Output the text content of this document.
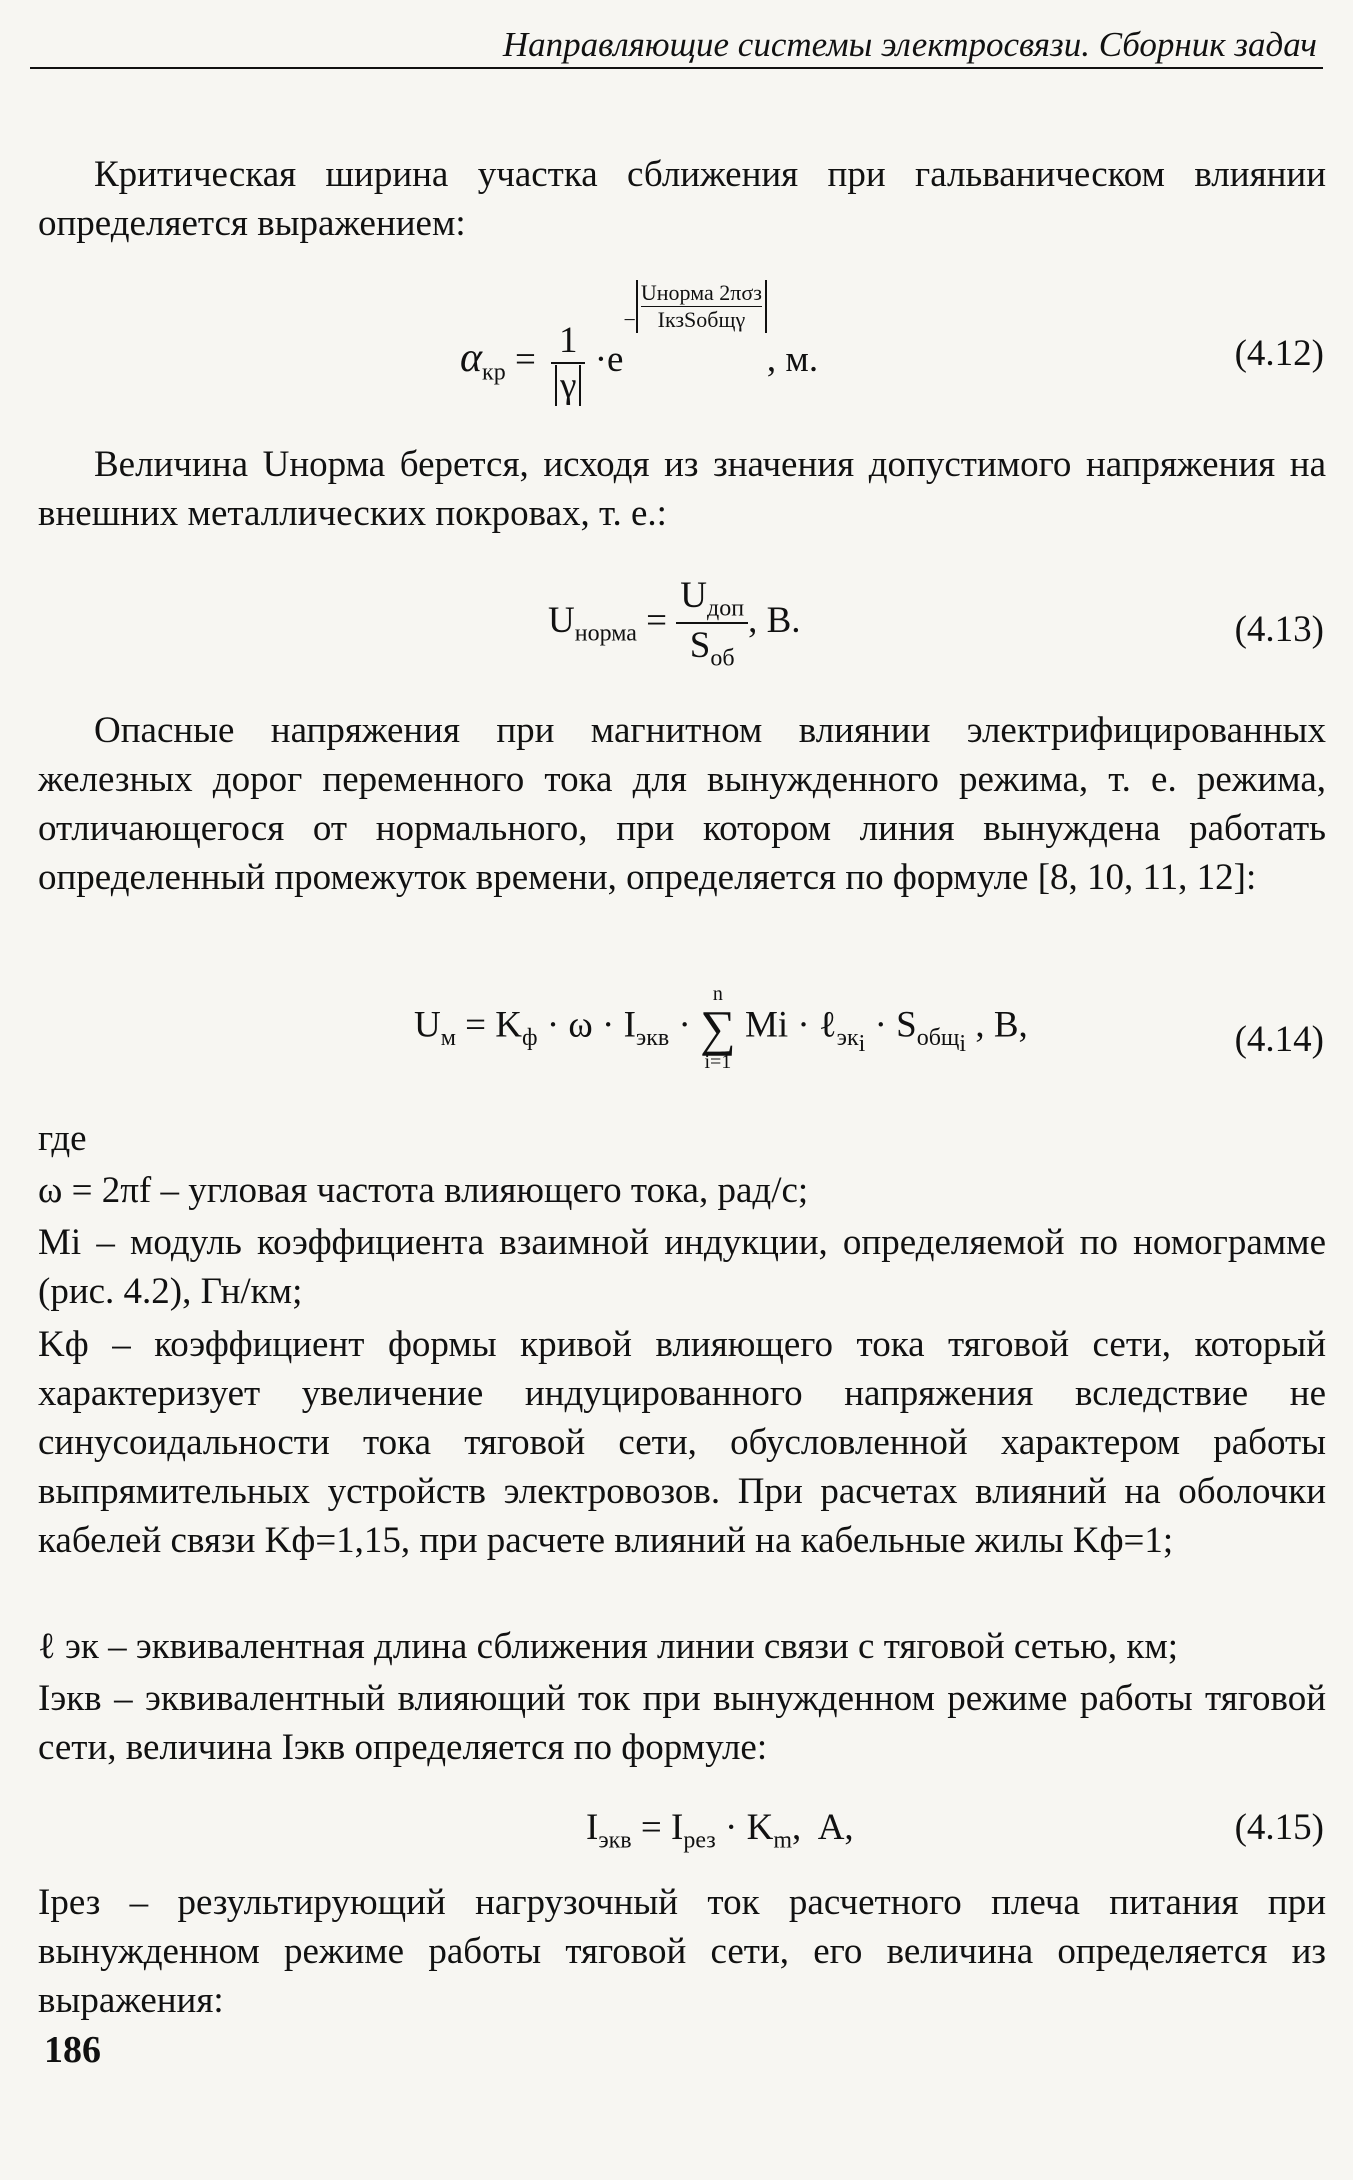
Направляющие системы электросвязи. Сборник задач
Критическая ширина участка сближения при гальваническом влиянии определяется выражением:
$\alpha_{кр} = \frac{1}{\gamma} \cdot e^{- Uнорма 2\pi\sigma з IкзSобщ\gamma}$
, м.	(4.12)
Величина Uнорма берется, исходя из значения допустимого напряжения на внешних металлических покровах, т. е.:
$U_{норма} = \frac{U_{доп}}{S_{об}}$ , В.	(4.13)
Опасные напряжения при магнитном влиянии электрифицированных железных дорог переменного тока для вынужденного режима, т. е. режима, отличающегося от нормального, при котором линия вынуждена работать определенный промежуток времени, определяется по формуле [8, 10, 11, 12]:
$U_м = K_ф \cdot \omega \cdot I_{экв}$ ·
n
∑
i=1
Mi · ℓ$_{эк_i}$ · $S_{общ_i}$ , В,	(4.14)
где
ω = 2πf – угловая частота влияющего тока, рад/с;
Mi – модуль коэффициента взаимной индукции, определяемой по номограмме (рис. 4.2), Гн/км;
Kф – коэффициент формы кривой влияющего тока тяговой сети, который характеризует увеличение индуцированного напряжения вследствие не синусоидальности тока тяговой сети, обусловленной характером работы выпрямительных устройств электровозов. При расчетах влияний на оболочки кабелей связи Kф=1,15, при расчете влияний на кабельные жилы Kф=1;
ℓ эк – эквивалентная длина сближения линии связи с тяговой сетью, км;
Iэкв – эквивалентный влияющий ток при вынужденном режиме работы тяговой сети, величина Iэкв определяется по формуле:
$I_{экв} = I_{рез} \cdot K_m$,  A,	(4.15)
Iрез – результирующий нагрузочный ток расчетного плеча питания при вынужденном режиме работы тяговой сети, его величина определяется из выражения:
186
